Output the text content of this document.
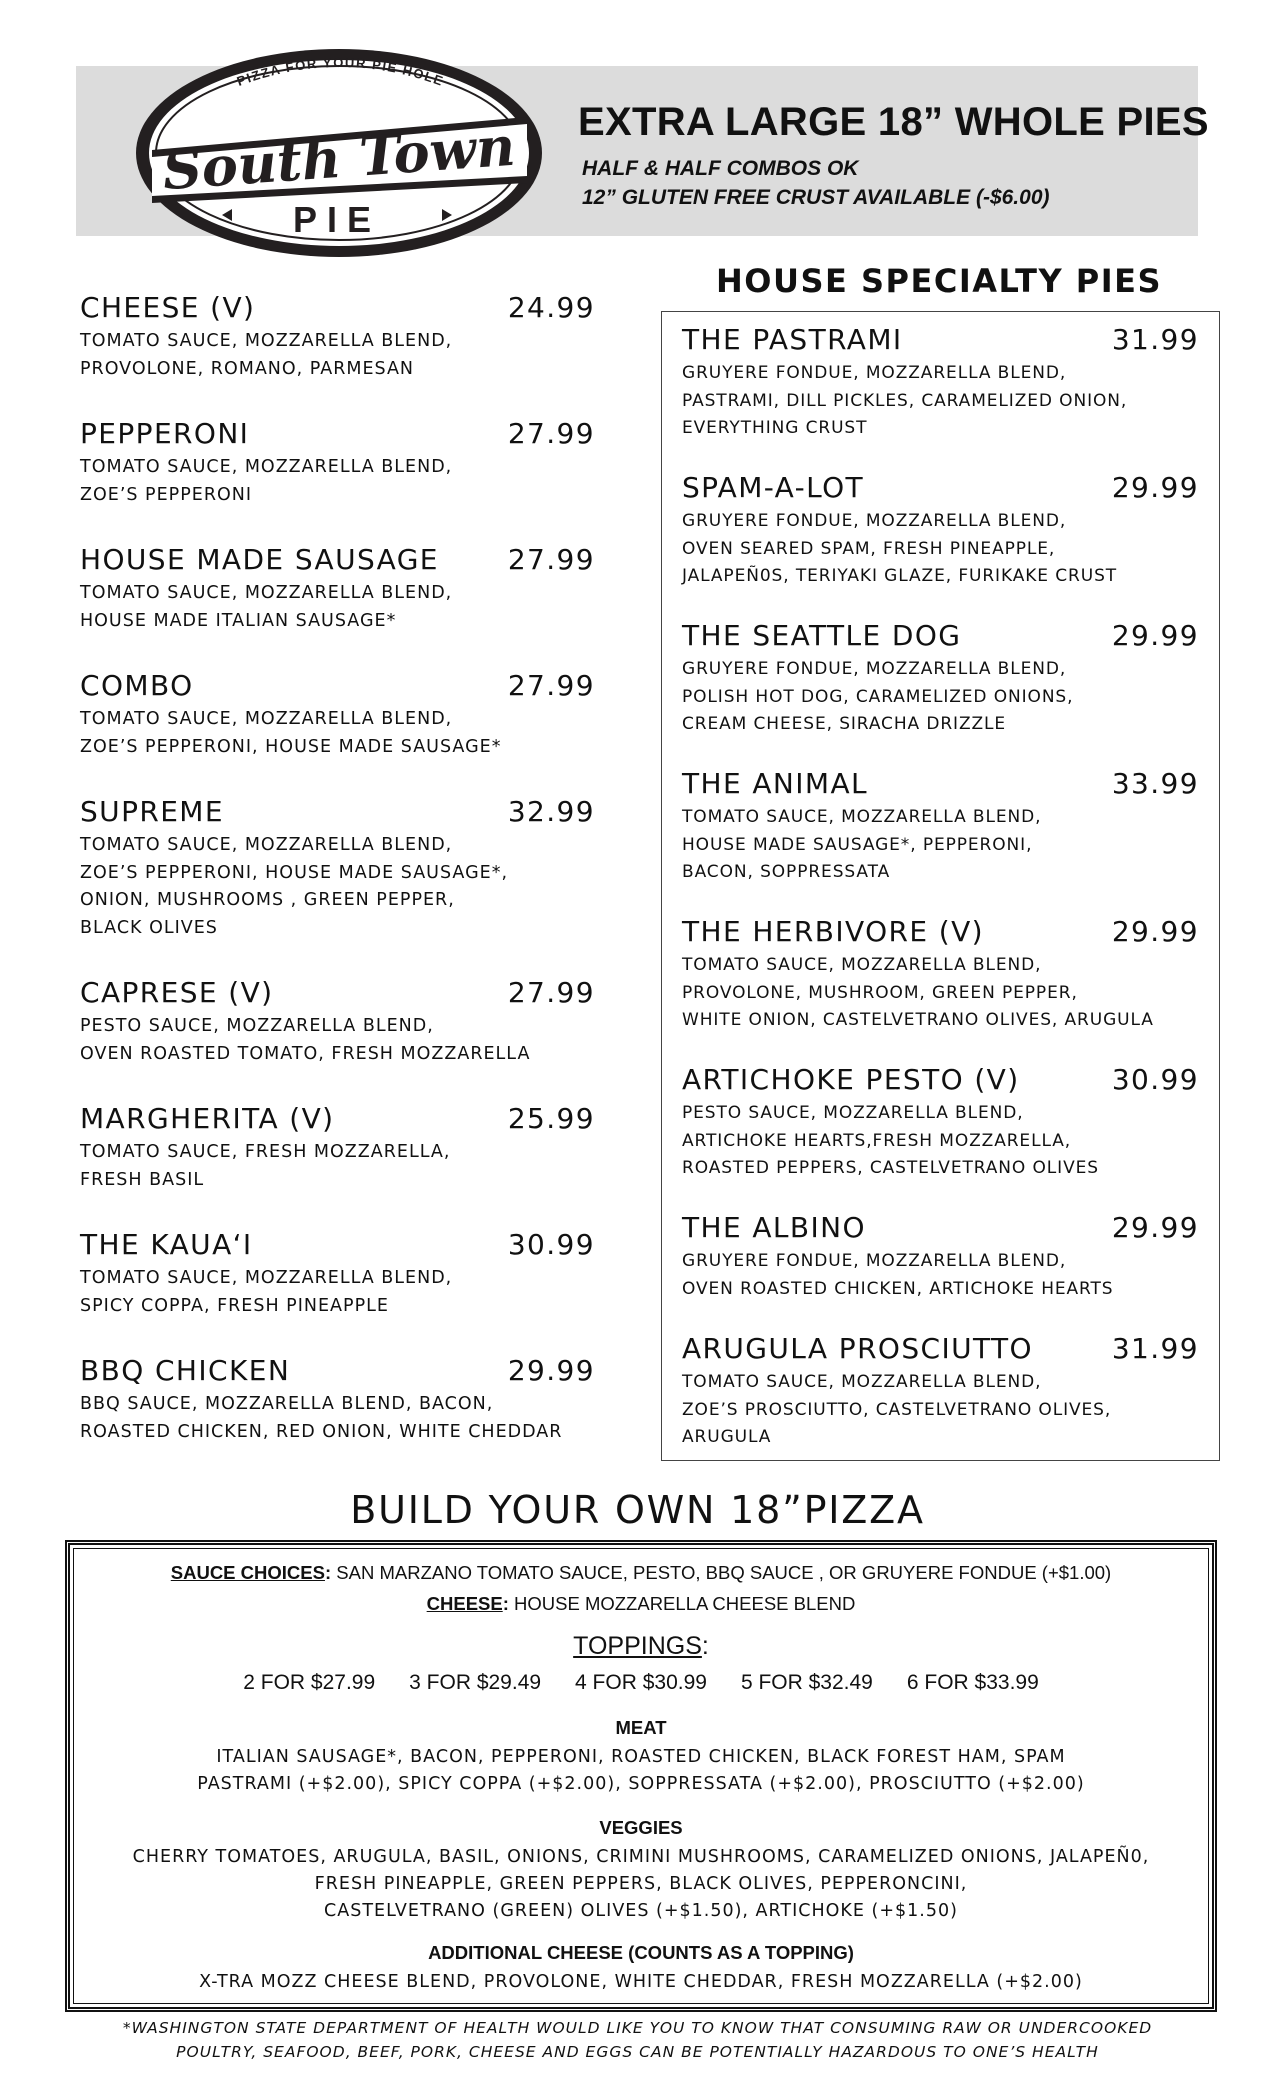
PIZZA FOR YOUR PIE HOLE
South Town
PIE
EXTRA LARGE 18” WHOLE PIES
HALF & HALF COMBOS OK
12” GLUTEN FREE CRUST AVAILABLE (-$6.00)
CHEESE (V)	24.99
TOMATO SAUCE, MOZZARELLA BLEND,
PROVOLONE, ROMANO, PARMESAN
PEPPERONI	27.99
TOMATO SAUCE, MOZZARELLA BLEND,
ZOE’S PEPPERONI
HOUSE MADE SAUSAGE	27.99
TOMATO SAUCE, MOZZARELLA BLEND,
HOUSE MADE ITALIAN SAUSAGE*
COMBO	27.99
TOMATO SAUCE, MOZZARELLA BLEND,
ZOE’S PEPPERONI, HOUSE MADE SAUSAGE*
SUPREME	32.99
TOMATO SAUCE, MOZZARELLA BLEND,
ZOE’S PEPPERONI, HOUSE MADE SAUSAGE*,
ONION, MUSHROOMS , GREEN PEPPER,
BLACK OLIVES
CAPRESE (V)	27.99
PESTO SAUCE, MOZZARELLA BLEND,
OVEN ROASTED TOMATO, FRESH MOZZARELLA
MARGHERITA (V)	25.99
TOMATO SAUCE, FRESH MOZZARELLA,
FRESH BASIL
THE KAUA‘I	30.99
TOMATO SAUCE, MOZZARELLA BLEND,
SPICY COPPA, FRESH PINEAPPLE
BBQ CHICKEN	29.99
BBQ SAUCE, MOZZARELLA BLEND, BACON,
ROASTED CHICKEN, RED ONION, WHITE CHEDDAR
HOUSE SPECIALTY PIES
THE PASTRAMI	31.99
GRUYERE FONDUE, MOZZARELLA BLEND,
PASTRAMI, DILL PICKLES, CARAMELIZED ONION,
EVERYTHING CRUST
SPAM-A-LOT	29.99
GRUYERE FONDUE, MOZZARELLA BLEND,
OVEN SEARED SPAM, FRESH PINEAPPLE,
JALAPEÑ0S, TERIYAKI GLAZE, FURIKAKE CRUST
THE SEATTLE DOG	29.99
GRUYERE FONDUE, MOZZARELLA BLEND,
POLISH HOT DOG, CARAMELIZED ONIONS,
CREAM CHEESE, SIRACHA DRIZZLE
THE ANIMAL	33.99
TOMATO SAUCE, MOZZARELLA BLEND,
HOUSE MADE SAUSAGE*, PEPPERONI,
BACON, SOPPRESSATA
THE HERBIVORE (V)	29.99
TOMATO SAUCE, MOZZARELLA BLEND,
PROVOLONE, MUSHROOM, GREEN PEPPER,
WHITE ONION, CASTELVETRANO OLIVES, ARUGULA
ARTICHOKE PESTO (V)	30.99
PESTO SAUCE, MOZZARELLA BLEND,
ARTICHOKE HEARTS,FRESH MOZZARELLA,
ROASTED PEPPERS, CASTELVETRANO OLIVES
THE ALBINO	29.99
GRUYERE FONDUE, MOZZARELLA BLEND,
OVEN ROASTED CHICKEN, ARTICHOKE HEARTS
ARUGULA PROSCIUTTO	31.99
TOMATO SAUCE, MOZZARELLA BLEND,
ZOE’S PROSCIUTTO, CASTELVETRANO OLIVES,
ARUGULA
BUILD YOUR OWN 18”PIZZA
SAUCE CHOICES: SAN MARZANO TOMATO SAUCE, PESTO, BBQ SAUCE , OR GRUYERE FONDUE (+$1.00)
CHEESE: HOUSE MOZZARELLA CHEESE BLEND
TOPPINGS:
2 FOR $27.99 3 FOR $29.49 4 FOR $30.99 5 FOR $32.49 6 FOR $33.99
MEAT
ITALIAN SAUSAGE*, BACON, PEPPERONI, ROASTED CHICKEN, BLACK FOREST HAM, SPAM
PASTRAMI (+$2.00), SPICY COPPA (+$2.00), SOPPRESSATA (+$2.00), PROSCIUTTO (+$2.00)
VEGGIES
CHERRY TOMATOES, ARUGULA, BASIL, ONIONS, CRIMINI MUSHROOMS, CARAMELIZED ONIONS, JALAPEÑ0,
FRESH PINEAPPLE, GREEN PEPPERS, BLACK OLIVES, PEPPERONCINI,
CASTELVETRANO (GREEN) OLIVES (+$1.50), ARTICHOKE (+$1.50)
ADDITIONAL CHEESE (COUNTS AS A TOPPING)
X-TRA MOZZ CHEESE BLEND, PROVOLONE, WHITE CHEDDAR, FRESH MOZZARELLA (+$2.00)
*WASHINGTON STATE DEPARTMENT OF HEALTH WOULD LIKE YOU TO KNOW THAT CONSUMING RAW OR UNDERCOOKED
POULTRY, SEAFOOD, BEEF, PORK, CHEESE AND EGGS CAN BE POTENTIALLY HAZARDOUS TO ONE’S HEALTH
